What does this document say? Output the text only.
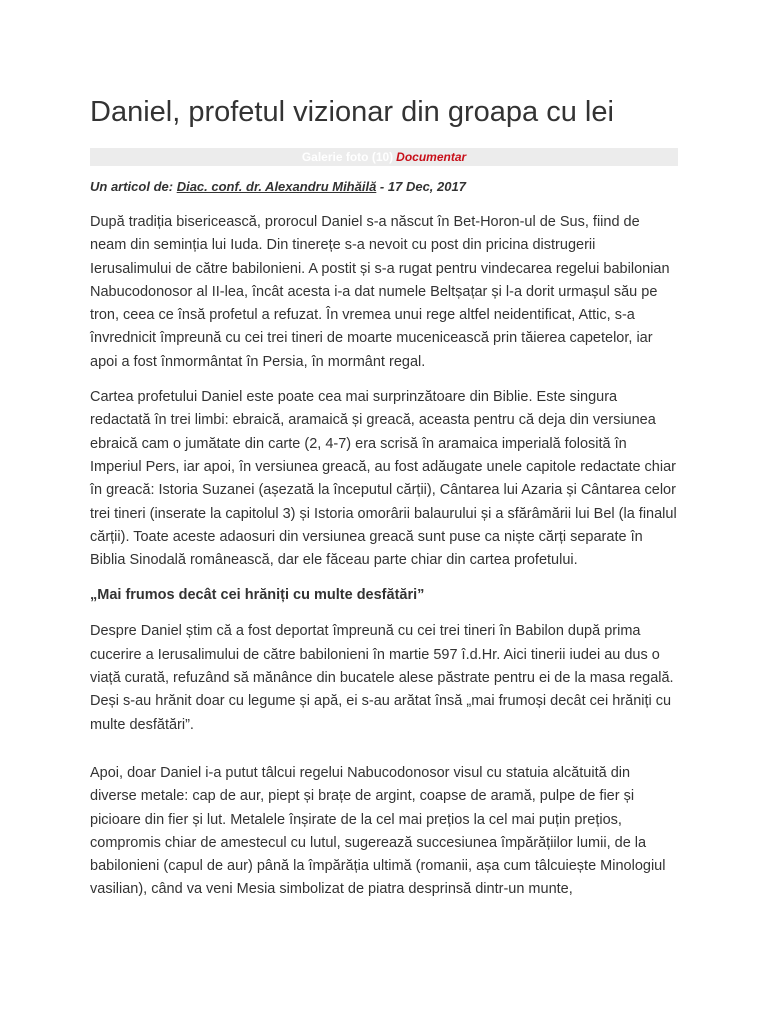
Daniel, profetul vizionar din groapa cu lei
Galerie foto (10) Documentar
Un articol de: Diac. conf. dr. Alexandru Mihăilă - 17 Dec, 2017

După tradiția bisericească, prorocul Daniel s-a născut în Bet-Horon-ul de Sus, fiind de neam din seminția lui Iuda. Din tinerețe s-a nevoit cu post din pricina distrugerii Ierusalimului de către babilonieni. A postit și s-a rugat pentru vindecarea regelui babilonian Nabucodonosor al II-lea, încât acesta i-a dat numele Beltșațar și l-a dorit urmașul său pe tron, ceea ce însă profetul a refuzat. În vremea unui rege altfel neidentificat, Attic, s-a învrednicit împreună cu cei trei tineri de moarte mucenicească prin tăierea capetelor, iar apoi a fost înmormântat în Persia, în mormânt regal.

Cartea profetului Daniel este poate cea mai surprinzătoare din Biblie. Este singura redactată în trei limbi: ebraică, aramaică și greacă, aceasta pentru că deja din versiunea ebraică cam o jumătate din carte (2, 4-7) era scrisă în aramaica imperială folosită în Imperiul Pers, iar apoi, în versiunea greacă, au fost adăugate unele capitole redactate chiar în greacă: Istoria Suzanei (așezată la începutul cărții), Cântarea lui Azaria și Cântarea celor trei tineri (inserate la capitolul 3) și Istoria omorârii balaurului și a sfărâmării lui Bel (la finalul cărții). Toate aceste adaosuri din versiunea greacă sunt puse ca niște cărți separate în Biblia Sinodală românească, dar ele făceau parte chiar din cartea profetului.

„Mai frumos decât cei hrăniți cu multe desfătări”

Despre Daniel știm că a fost deportat împreună cu cei trei tineri în Babilon după prima cucerire a Ierusalimului de către babilonieni în martie 597 î.d.Hr. Aici tinerii iudei au dus o viață curată, refuzând să mănânce din bucatele alese păstrate pentru ei de la masa regală. Deși s-au hrănit doar cu legume și apă, ei s-au arătat însă „mai frumoși decât cei hrăniți cu multe desfătări”.

Apoi, doar Daniel i-a putut tâlcui regelui Nabucodonosor visul cu statuia alcătuită din diverse metale: cap de aur, piept și brațe de argint, coapse de aramă, pulpe de fier și picioare din fier și lut. Metalele înșirate de la cel mai prețios la cel mai puțin prețios, compromis chiar de amestecul cu lutul, sugerează succesiunea împărățiilor lumii, de la babilonieni (capul de aur) până la împărăția ultimă (romanii, așa cum tâlcuiește Minologiul vasilian), când va veni Mesia simbolizat de piatra desprinsă dintr-un munte,
